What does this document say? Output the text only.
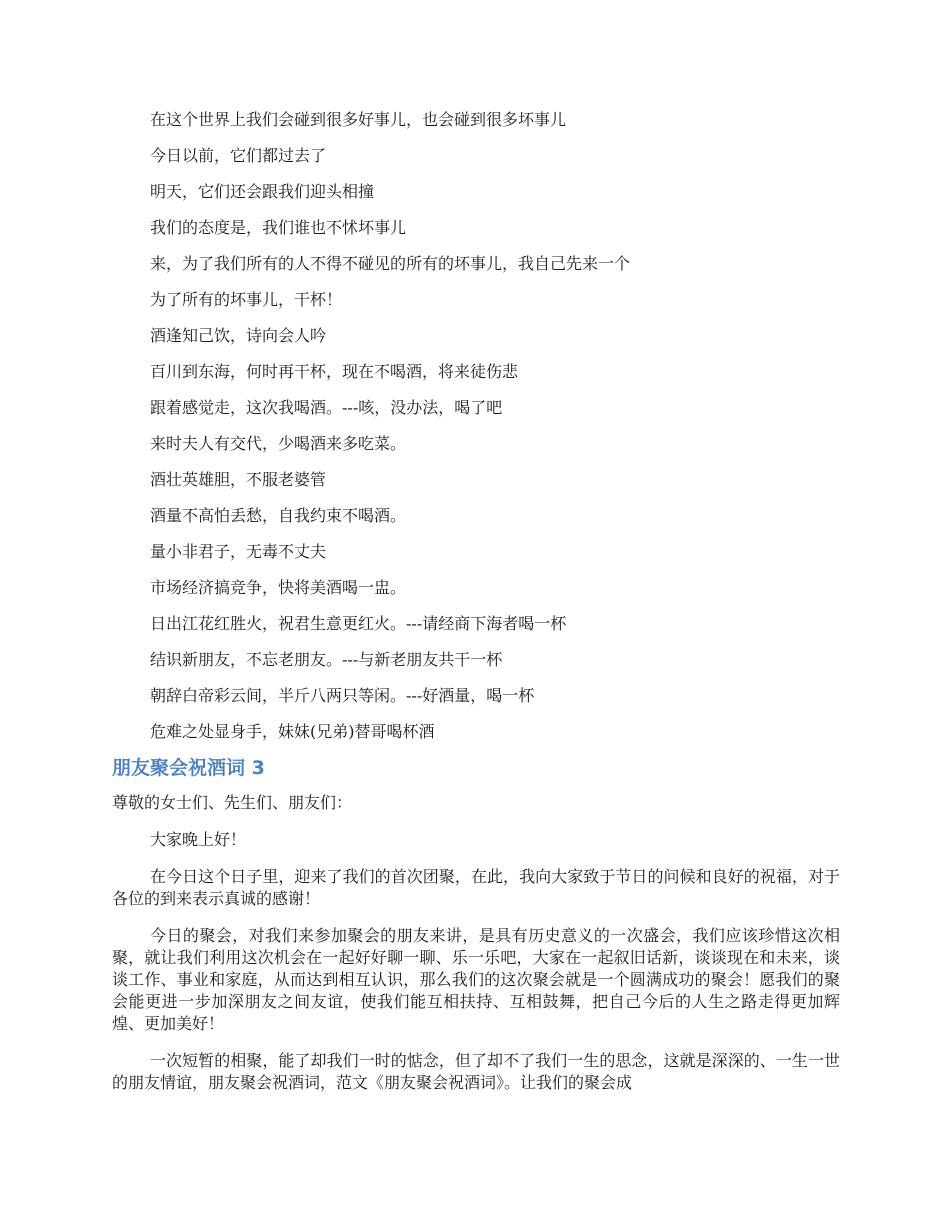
在这个世界上我们会碰到很多好事儿，也会碰到很多坏事儿
今日以前，它们都过去了
明天，它们还会跟我们迎头相撞
我们的态度是，我们谁也不怵坏事儿
来，为了我们所有的人不得不碰见的所有的坏事儿，我自己先来一个
为了所有的坏事儿，干杯！
酒逢知己饮，诗向会人吟
百川到东海，何时再干杯，现在不喝酒，将来徒伤悲
跟着感觉走，这次我喝酒。---咳，没办法，喝了吧
来时夫人有交代，少喝酒来多吃菜。
酒壮英雄胆，不服老婆管
酒量不高怕丢愁，自我约束不喝酒。
量小非君子，无毒不丈夫
市场经济搞竞争，快将美酒喝一盅。
日出江花红胜火，祝君生意更红火。---请经商下海者喝一杯
结识新朋友，不忘老朋友。---与新老朋友共干一杯
朝辞白帝彩云间，半斤八两只等闲。---好酒量，喝一杯
危难之处显身手，妹妹(兄弟)替哥喝杯酒
朋友聚会祝酒词 3

尊敬的女士们、先生们、朋友们：

大家晚上好！

在今日这个日子里，迎来了我们的首次团聚，在此，我向大家致于节日的问候和良好的祝福，对于各位的到来表示真诚的感谢！

今日的聚会，对我们来参加聚会的朋友来讲，是具有历史意义的一次盛会，我们应该珍惜这次相聚，就让我们利用这次机会在一起好好聊一聊、乐一乐吧，大家在一起叙旧话新，谈谈现在和未来，谈谈工作、事业和家庭，从而达到相互认识，那么我们的这次聚会就是一个圆满成功的聚会！愿我们的聚会能更进一步加深朋友之间友谊，使我们能互相扶持、互相鼓舞，把自己今后的人生之路走得更加辉煌、更加美好！

一次短暂的相聚，能了却我们一时的惦念，但了却不了我们一生的思念，这就是深深的、一生一世的朋友情谊，朋友聚会祝酒词，范文《朋友聚会祝酒词》。让我们的聚会成
